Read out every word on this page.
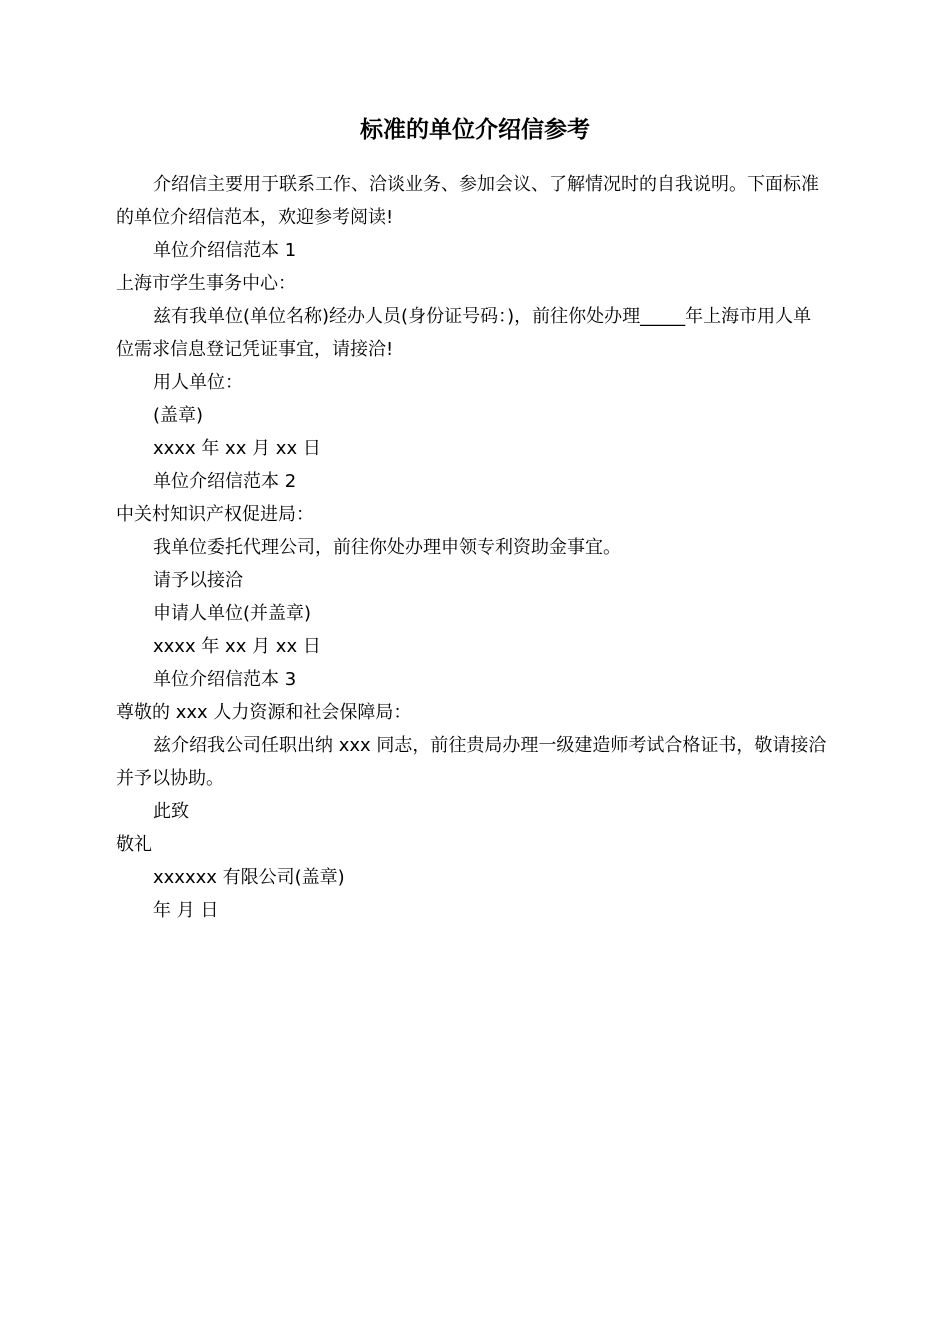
标准的单位介绍信参考

介绍信主要用于联系工作、洽谈业务、参加会议、了解情况时的自我说明。下面标准的单位介绍信范本，欢迎参考阅读!

单位介绍信范本 1

上海市学生事务中心：

兹有我单位(单位名称)经办人员(身份证号码：)，前往你处办理_____年上海市用人单位需求信息登记凭证事宜，请接洽!

用人单位：

(盖章)

xxxx 年 xx 月 xx 日

单位介绍信范本 2

中关村知识产权促进局：

我单位委托代理公司，前往你处办理申领专利资助金事宜。

请予以接洽

申请人单位(并盖章)

xxxx 年 xx 月 xx 日

单位介绍信范本 3

尊敬的 xxx 人力资源和社会保障局：

兹介绍我公司任职出纳 xxx 同志，前往贵局办理一级建造师考试合格证书，敬请接洽并予以协助。

此致

敬礼

xxxxxx 有限公司(盖章)

年 月 日
